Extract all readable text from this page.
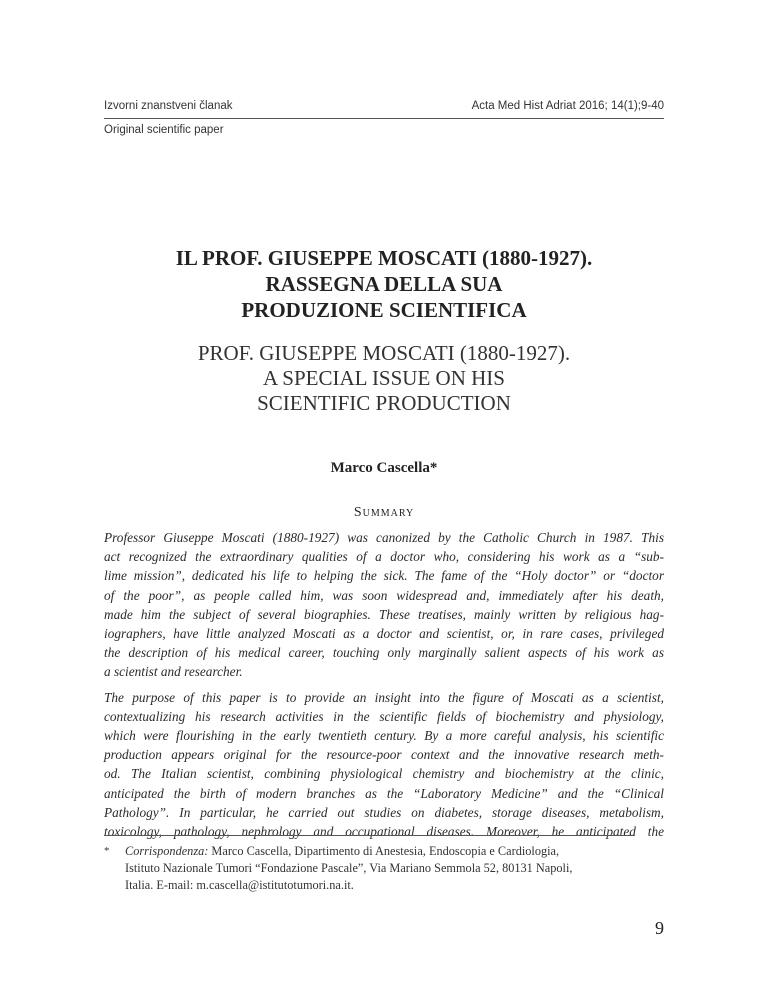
Izvorni znanstveni članak	Acta Med Hist Adriat 2016; 14(1);9-40
Original scientific paper
IL PROF. GIUSEPPE MOSCATI (1880-1927).
RASSEGNA DELLA SUA
PRODUZIONE SCIENTIFICA
PROF. GIUSEPPE MOSCATI (1880-1927).
A SPECIAL ISSUE ON HIS
SCIENTIFIC PRODUCTION
Marco Cascella*
Summary

Professor Giuseppe Moscati (1880-1927) was canonized by the Catholic Church in 1987. This
act recognized the extraordinary qualities of a doctor who, considering his work as a “sub-
lime mission”, dedicated his life to helping the sick. The fame of the “Holy doctor” or “doctor
of the poor”, as people called him, was soon widespread and, immediately after his death,
made him the subject of several biographies. These treatises, mainly written by religious hag-
iographers, have little analyzed Moscati as a doctor and scientist, or, in rare cases, privileged
the description of his medical career, touching only marginally salient aspects of his work as
a scientist and researcher.

The purpose of this paper is to provide an insight into the figure of Moscati as a scientist,
contextualizing his research activities in the scientific fields of biochemistry and physiology,
which were flourishing in the early twentieth century. By a more careful analysis, his scientific
production appears original for the resource-poor context and the innovative research meth-
od. The Italian scientist, combining physiological chemistry and biochemistry at the clinic,
anticipated the birth of modern branches as the “Laboratory Medicine” and the “Clinical
Pathology”. In particular, he carried out studies on diabetes, storage diseases, metabolism,
toxicology, pathology, nephrology and occupational diseases. Moreover, he anticipated the

* Corrispondenza: Marco Cascella, Dipartimento di Anestesia, Endoscopia e Cardiologia,
Istituto Nazionale Tumori “Fondazione Pascale”, Via Mariano Semmola 52, 80131 Napoli,
Italia. E-mail: m.cascella@istitutotumori.na.it.
9
